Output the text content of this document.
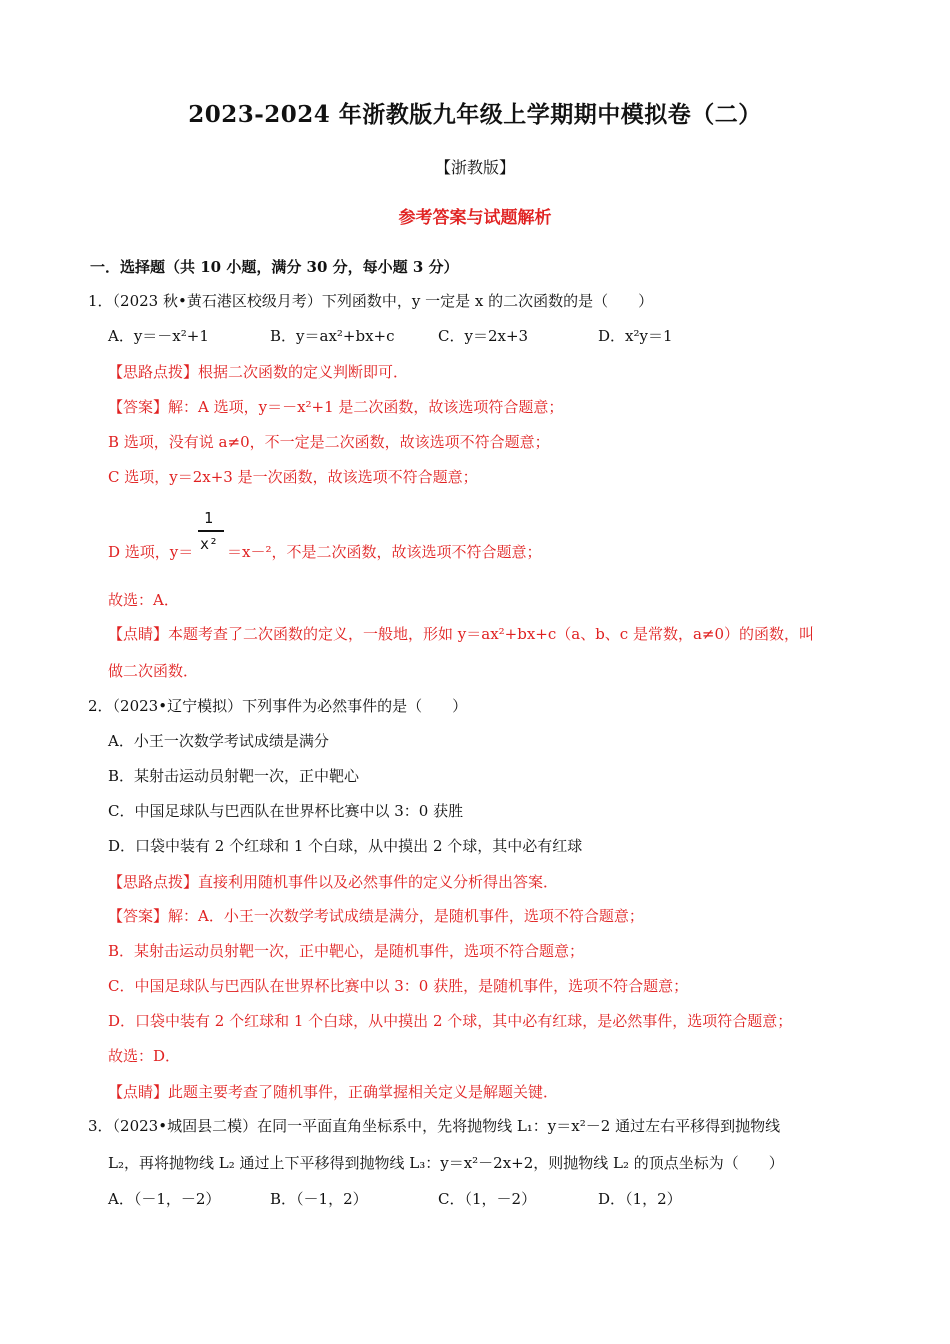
2023-2024 年浙教版九年级上学期期中模拟卷（二）
【浙教版】
参考答案与试题解析
一．选择题（共 10 小题，满分 30 分，每小题 3 分）
1．（2023 秋•黄石港区校级月考）下列函数中，y 一定是 x 的二次函数的是（　　）
A．y＝－x²+1	B．y＝ax²+bx+c	C．y＝2x+3	D．x²y＝1
【思路点拨】根据二次函数的定义判断即可．
【答案】解：A 选项，y＝－x²+1 是二次函数，故该选项符合题意；
B 选项，没有说 a≠0，不一定是二次函数，故该选项不符合题意；
C 选项，y＝2x+3 是一次函数，故该选项不符合题意；
D 选项，y＝
1
x² ＝x－²，不是二次函数，故该选项不符合题意；
故选：A．
【点睛】本题考查了二次函数的定义，一般地，形如 y＝ax²+bx+c（a、b、c 是常数，a≠0）的函数，叫
做二次函数．
2．（2023•辽宁模拟）下列事件为必然事件的是（　　）
A．小王一次数学考试成绩是满分
B．某射击运动员射靶一次，正中靶心
C．中国足球队与巴西队在世界杯比赛中以 3：0 获胜
D．口袋中装有 2 个红球和 1 个白球，从中摸出 2 个球，其中必有红球
【思路点拨】直接利用随机事件以及必然事件的定义分析得出答案．
【答案】解：A．小王一次数学考试成绩是满分，是随机事件，选项不符合题意；
B．某射击运动员射靶一次，正中靶心，是随机事件，选项不符合题意；
C．中国足球队与巴西队在世界杯比赛中以 3：0 获胜，是随机事件，选项不符合题意；
D．口袋中装有 2 个红球和 1 个白球，从中摸出 2 个球，其中必有红球，是必然事件，选项符合题意；
故选：D．
【点睛】此题主要考查了随机事件，正确掌握相关定义是解题关键．
3．（2023•城固县二模）在同一平面直角坐标系中，先将抛物线 L₁：y＝x²－2 通过左右平移得到抛物线
L₂，再将抛物线 L₂ 通过上下平移得到抛物线 L₃：y＝x²－2x+2，则抛物线 L₂ 的顶点坐标为（　　）
A．（－1，－2）	B．（－1，2）	C．（1，－2）	D．（1，2）
